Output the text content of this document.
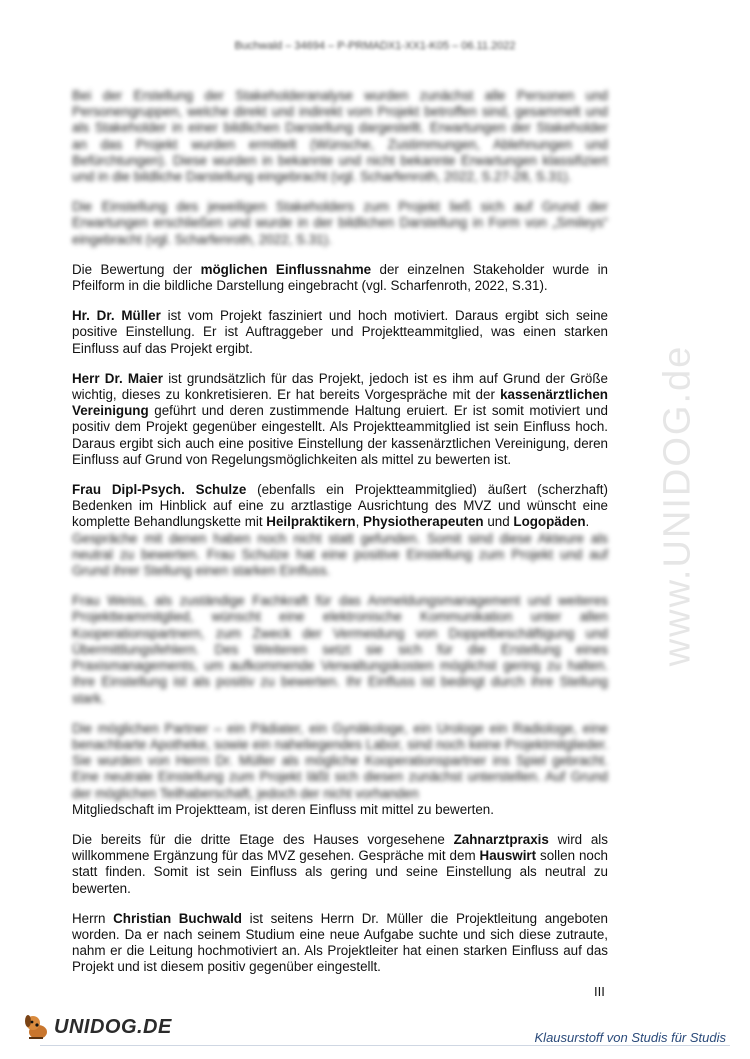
Buchwald – 34694 – P-PRMADX1-XX1-K05 – 06.11.2022
www.UNIDOG.de

Bei der Erstellung der Stakeholderanalyse wurden zunächst alle Personen und Personengruppen, welche direkt und indirekt vom Projekt betroffen sind, gesammelt und als Stakeholder in einer bildlichen Darstellung dargestellt. Erwartungen der Stakeholder an das Projekt wurden ermittelt (Wünsche, Zustimmungen, Ablehnungen und Befürchtungen). Diese wurden in bekannte und nicht bekannte Erwartungen klassifiziert und in die bildliche Darstellung eingebracht (vgl. Scharfenroth, 2022, S.27-28, S.31).

Die Einstellung des jeweiligen Stakeholders zum Projekt ließ sich auf Grund der Erwartungen erschließen und wurde in der bildlichen Darstellung in Form von „Smileys“ eingebracht (vgl. Scharfenroth, 2022, S.31).

Die Bewertung der möglichen Einflussnahme der einzelnen Stakeholder wurde in Pfeilform in die bildliche Darstellung eingebracht (vgl. Scharfenroth, 2022, S.31).

Hr. Dr. Müller ist vom Projekt fasziniert und hoch motiviert. Daraus ergibt sich seine positive Einstellung. Er ist Auftraggeber und Projektteammitglied, was einen starken Einfluss auf das Projekt ergibt.

Herr Dr. Maier ist grundsätzlich für das Projekt, jedoch ist es ihm auf Grund der Größe wichtig, dieses zu konkretisieren. Er hat bereits Vorgespräche mit der kassenärztlichen Vereinigung geführt und deren zustimmende Haltung eruiert. Er ist somit motiviert und positiv dem Projekt gegenüber eingestellt. Als Projektteammitglied ist sein Einfluss hoch. Daraus ergibt sich auch eine positive Einstellung der kassenärztlichen Vereinigung, deren Einfluss auf Grund von Regelungsmöglichkeiten als mittel zu bewerten ist.

Frau Dipl-Psych. Schulze (ebenfalls ein Projektteammitglied) äußert (scherzhaft) Bedenken im Hinblick auf eine zu arztlastige Ausrichtung des MVZ und wünscht eine komplette Behandlungskette mit Heilpraktikern, Physiotherapeuten und Logopäden.

Gespräche mit denen haben noch nicht statt gefunden. Somit sind diese Akteure als neutral zu bewerten. Frau Schulze hat eine positive Einstellung zum Projekt und auf Grund ihrer Stellung einen starken Einfluss.

Frau Weiss, als zuständige Fachkraft für das Anmeldungsmanagement und weiteres Projektteammitglied, wünscht eine elektronische Kommunikation unter allen Kooperationspartnern, zum Zweck der Vermeidung von Doppelbeschäftigung und Übermittlungsfehlern. Des Weiteren setzt sie sich für die Erstellung eines Praxismanagements, um aufkommende Verwaltungskosten möglichst gering zu halten. Ihre Einstellung ist als positiv zu bewerten. Ihr Einfluss ist bedingt durch ihre Stellung stark.

Die möglichen Partner – ein Pädiater, ein Gynäkologe, ein Urologe ein Radiologe, eine benachbarte Apotheke, sowie ein naheliegendes Labor, sind noch keine Projektmitglieder. Sie wurden von Herrn Dr. Müller als mögliche Kooperationspartner ins Spiel gebracht. Eine neutrale Einstellung zum Projekt läßt sich diesen zunächst unterstellen. Auf Grund der möglichen Teilhaberschaft, jedoch der nicht vorhanden

Mitgliedschaft im Projektteam, ist deren Einfluss mit mittel zu bewerten.

Die bereits für die dritte Etage des Hauses vorgesehene Zahnarztpraxis wird als willkommene Ergänzung für das MVZ gesehen. Gespräche mit dem Hauswirt sollen noch statt finden. Somit ist sein Einfluss als gering und seine Einstellung als neutral zu bewerten.

Herrn Christian Buchwald ist seitens Herrn Dr. Müller die Projektleitung angeboten worden. Da er nach seinem Studium eine neue Aufgabe suchte und sich diese zutraute, nahm er die Leitung hochmotiviert an. Als Projektleiter hat einen starken Einfluss auf das Projekt und ist diesem positiv gegenüber eingestellt.

III
UNIDOG.DE	Klausurstoff von Studis für Studis
